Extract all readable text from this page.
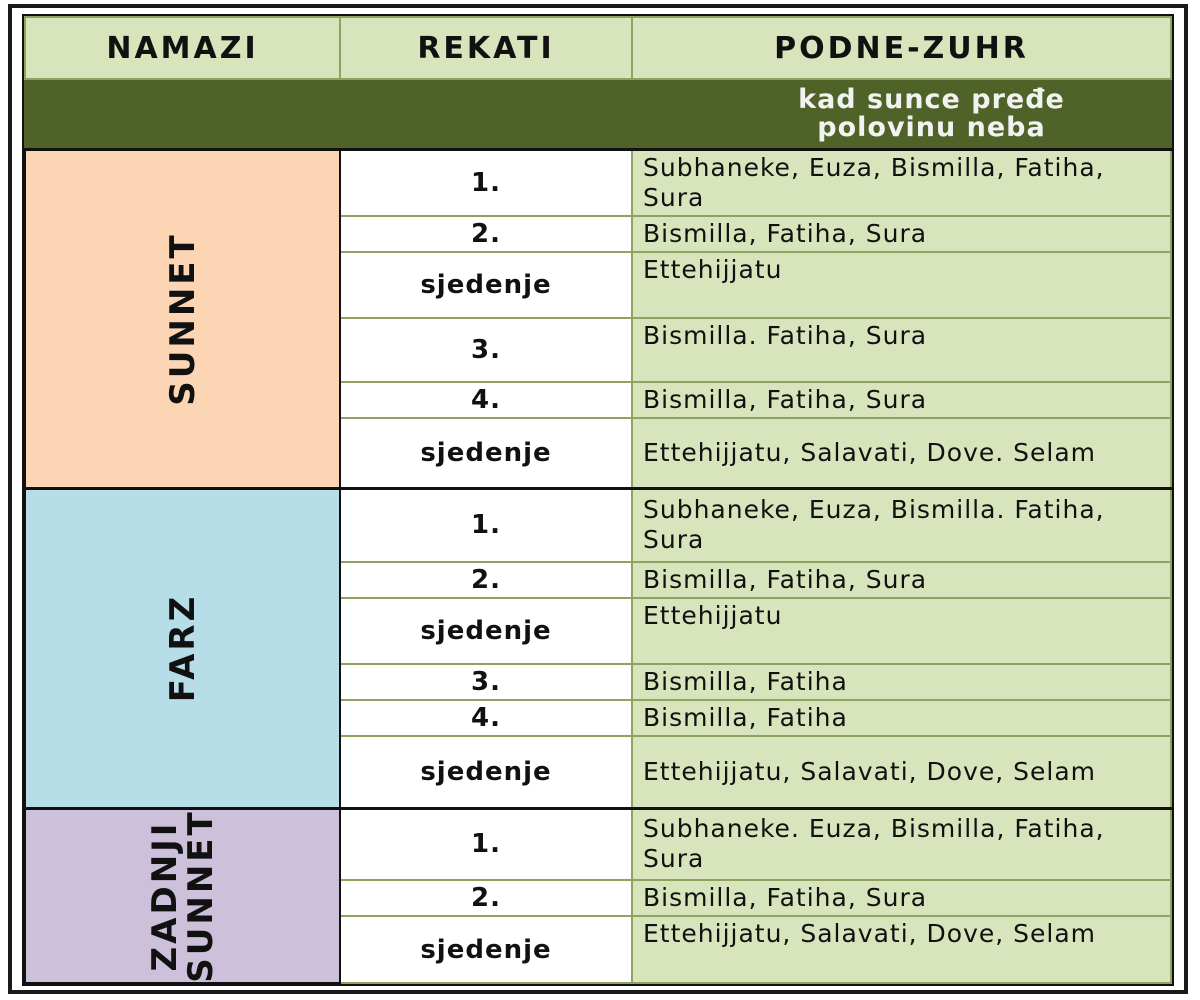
NAMAZI	REKATI	PODNE-ZUHR

		kad sunce pređe
polovinu neba

SUNNET	1.	Subhaneke, Euza, Bismilla, Fatiha, Sura
	2.	Bismilla, Fatiha, Sura
	sjedenje	Ettehijjatu
	3.	Bismilla. Fatiha, Sura
	4.	Bismilla, Fatiha, Sura
	sjedenje	Ettehijjatu, Salavati, Dove. Selam

FARZ	1.	Subhaneke, Euza, Bismilla. Fatiha, Sura
	2.	Bismilla, Fatiha, Sura
	sjedenje	Ettehijjatu
	3.	Bismilla, Fatiha
	4.	Bismilla, Fatiha
	sjedenje	Ettehijjatu, Salavati, Dove, Selam

ZADNJI
SUNNET	1.	Subhaneke. Euza, Bismilla, Fatiha, Sura
	2.	Bismilla, Fatiha, Sura
	sjedenje	Ettehijjatu, Salavati, Dove, Selam
